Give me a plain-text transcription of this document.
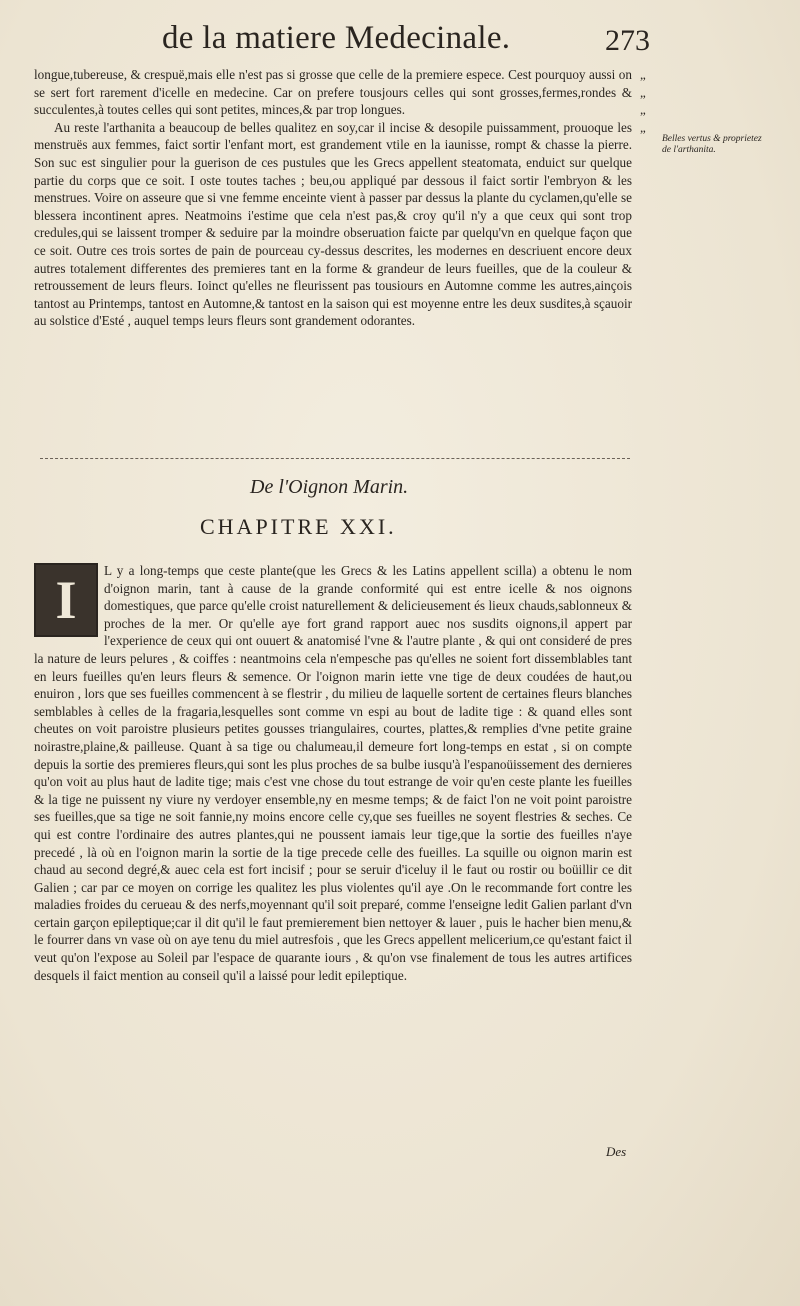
de la matiere Medecinale.	273
„
„
„
„
Belles vertus & proprietez de l'arthanita.

longue,tubereuse, & crespuë,mais elle n'est pas si grosse que celle de la premiere espece. Cest pourquoy aussi on se sert fort rarement d'icelle en medecine. Car on prefere tousjours celles qui sont grosses,fermes,rondes & succulentes,à toutes celles qui sont petites, minces,& par trop longues.

Au reste l'arthanita a beaucoup de belles qualitez en soy,car il incise & desopile puissamment, prouoque les menstruës aux femmes, faict sortir l'enfant mort, est grandement vtile en la iaunisse, rompt & chasse la pierre. Son suc est singulier pour la guerison de ces pustules que les Grecs appellent steatomata, enduict sur quelque partie du corps que ce soit. I oste toutes taches ; beu,ou appliqué par dessous il faict sortir l'embryon & les menstrues. Voire on asseure que si vne femme enceinte vient à passer par dessus la plante du cyclamen,qu'elle se blessera incontinent apres. Neatmoins i'estime que cela n'est pas,& croy qu'il n'y a que ceux qui sont trop credules,qui se laissent tromper & seduire par la moindre obseruation faicte par quelqu'vn en quelque façon que ce soit. Outre ces trois sortes de pain de pourceau cy-dessus descrites, les modernes en descriuent encore deux autres totalement differentes des premieres tant en la forme & grandeur de leurs fueilles, que de la couleur & retroussement de leurs fleurs. Ioinct qu'elles ne fleurissent pas tousiours en Automne comme les autres,ainçois tantost au Printemps, tantost en Automne,& tantost en la saison qui est moyenne entre les deux susdites,à sçauoir au solstice d'Esté , auquel temps leurs fleurs sont grandement odorantes.

De l'Oignon Marin.
CHAPITRE XXI.
I	L y a long-temps que ceste plante(que les Grecs & les Latins appellent scilla) a obtenu le nom d'oignon marin, tant à cause de la grande conformité qui est entre icelle & nos oignons domestiques, que parce qu'elle croist naturellement & delicieusement és lieux chauds,sablonneux & proches de la mer. Or qu'elle aye fort grand rapport auec nos susdits oignons,il appert par l'experience de ceux qui ont ouuert & anatomisé l'vne & l'autre plante , & qui ont consideré de pres la nature de leurs pelures , & coiffes : neantmoins cela n'empesche pas qu'elles ne soient fort dissemblables tant en leurs fueilles qu'en leurs fleurs & semence. Or l'oignon marin iette vne tige de deux coudées de haut,ou enuiron , lors que ses fueilles commencent à se flestrir , du milieu de laquelle sortent de certaines fleurs blanches semblables à celles de la fragaria,lesquelles sont comme vn espi au bout de ladite tige : & quand elles sont cheutes on voit paroistre plusieurs petites gousses triangulaires, courtes, plattes,& remplies d'vne petite graine noirastre,plaine,& pailleuse. Quant à sa tige ou chalumeau,il demeure fort long-temps en estat , si on compte depuis la sortie des premieres fleurs,qui sont les plus proches de sa bulbe iusqu'à l'espanoüissement des dernieres qu'on voit au plus haut de ladite tige; mais c'est vne chose du tout estrange de voir qu'en ceste plante les fueilles & la tige ne puissent ny viure ny verdoyer ensemble,ny en mesme temps; & de faict l'on ne voit point paroistre ses fueilles,que sa tige ne soit fannie,ny moins encore celle cy,que ses fueilles ne soyent flestries & seches. Ce qui est contre l'ordinaire des autres plantes,qui ne poussent iamais leur tige,que la sortie des fueilles n'aye precedé , là où en l'oignon marin la sortie de la tige precede celle des fueilles. La squille ou oignon marin est chaud au second degré,& auec cela est fort incisif ; pour se seruir d'iceluy il le faut ou rostir ou boüillir ce dit Galien ; car par ce moyen on corrige les qualitez les plus violentes qu'il aye .On le recommande fort contre les maladies froides du cerueau & des nerfs,moyennant qu'il soit preparé, comme l'enseigne ledit Galien parlant d'vn certain garçon epileptique;car il dit qu'il le faut premierement bien nettoyer & lauer , puis le hacher bien menu,& le fourrer dans vn vase où on aye tenu du miel autresfois , que les Grecs appellent melicerium,ce qu'estant faict il veut qu'on l'expose au Soleil par l'espace de quarante iours , & qu'on vse finalement de tous les autres artifices desquels il faict mention au conseil qu'il a laissé pour ledit epileptique.
Des
